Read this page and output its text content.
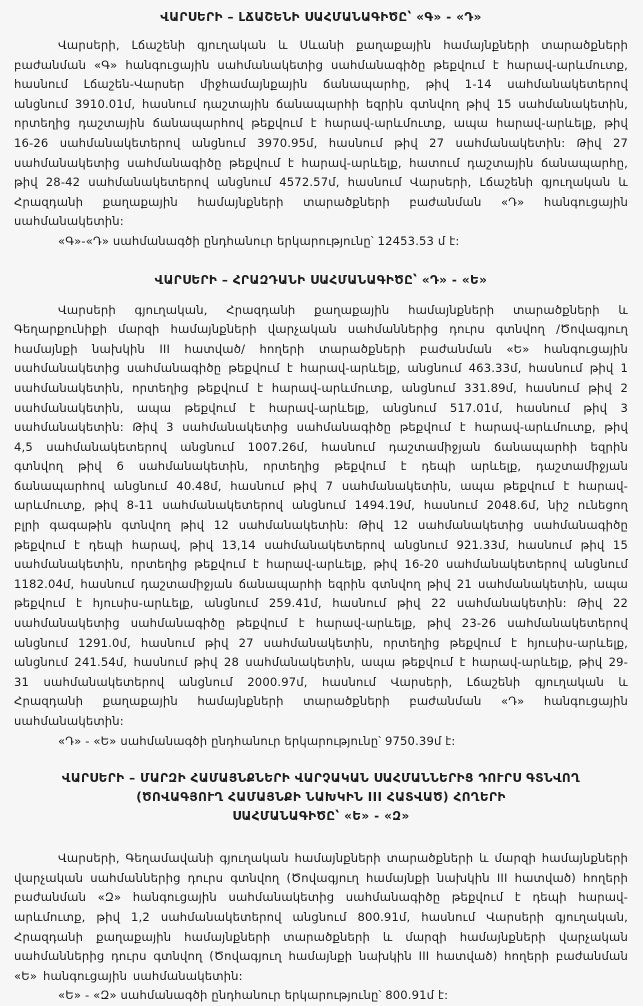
ՎԱՐՍԵՐԻ – ԼՃԱՇԵՆԻ ՍԱՀՄԱՆԱԳԻԾԸ՝ «Գ» - «Դ»

Վարսերի, Լճաշենի գյուղական և Սևանի քաղաքային համայնքների տարածքների բաժանման «Գ» հանգուցային սահմանակետից սահմանագիծը թեքվում է հարավ-արևմուտք, հասնում Լճաշեն-Վարսեր միջհամայնքային ճանապարհը, թիվ 1-14 սահմանակետերով անցնում 3910.01մ, հասնում դաշտային ճանապարհի եզրին գտնվող թիվ 15 սահմանակետին, որտեղից դաշտային ճանապարհով թեքվում է հարավ-արևմուտք, ապա հարավ-արևելք, թիվ 16-26 սահմանակետերով անցնում 3970.95մ, հասնում թիվ 27 սահմանակետին: Թիվ 27 սահմանակետից սահմանագիծը թեքվում է հարավ-արևելք, հատում դաշտային ճանապարհը, թիվ 28-42 սահմանակետերով անցնում 4572.57մ, հասնում Վարսերի, Լճաշենի գյուղական և Հրազդանի քաղաքային համայնքների տարածքների բաժանման «Դ» հանգուցային սահմանակետին:

«Գ»-«Դ» սահմանագծի ընդհանուր երկարությունը՝ 12453.53 մ է:

ՎԱՐՍԵՐԻ – ՀՐԱԶԴԱՆԻ ՍԱՀՄԱՆԱԳԻԾԸ՝ «Դ» - «Ե»

Վարսերի գյուղական, Հրազդանի քաղաքային համայնքների տարածքների և Գեղարքունիքի մարզի համայնքների վարչական սահմաններից դուրս գտնվող /Ծովագյուղ համայնքի նախկին III հատված/ հողերի տարածքների բաժանման «Ե» հանգուցային սահմանակետից սահմանագիծը թեքվում է հարավ-արևելք, անցնում 463.33մ, հասնում թիվ 1 սահմանակետին, որտեղից թեքվում է հարավ-արևմուտք, անցնում 331.89մ, հասնում թիվ 2 սահմանակետին, ապա թեքվում է հարավ-արևելք, անցնում 517.01մ, հասնում թիվ 3 սահմանակետին: Թիվ 3 սահմանակետից սահմանագիծը թեքվում է հարավ-արևմուտք, թիվ 4,5 սահմանակետերով անցնում 1007.26մ, հասնում դաշտամիջյան ճանապարհի եզրին գտնվող թիվ 6 սահմանակետին, որտեղից թեքվում է դեպի արևելք, դաշտամիջյան ճանապարհով անցնում 40.48մ, հասնում թիվ 7 սահմանակետին, ապա թեքվում է հարավ-արևմուտք, թիվ 8-11 սահմանակետերով անցնում 1494.19մ, հասնում 2048.6մ, նիշ ունեցող բլրի գագաթին գտնվող թիվ 12 սահմանակետին: Թիվ 12 սահմանակետից սահմանագիծը թեքվում է դեպի հարավ, թիվ 13,14 սահմանակետերով անցնում 921.33մ, հասնում թիվ 15 սահմանակետին, որտեղից թեքվում է հարավ-արևելք, թիվ 16-20 սահմանակետերով անցնում 1182.04մ, հասնում դաշտամիջյան ճանապարհի եզրին գտնվող թիվ 21 սահմանակետին, ապա թեքվում է հյուսիս-արևելք, անցնում 259.41մ, հասնում թիվ 22 սահմանակետին: Թիվ 22 սահմանակետից սահմանագիծը թեքվում է հարավ-արևելք, թիվ 23-26 սահմանակետերով անցնում 1291.0մ, հասնում թիվ 27 սահմանակետին, որտեղից թեքվում է հյուսիս-արևելք, անցնում 241.54մ, հասնում թիվ 28 սահմանակետին, ապա թեքվում է հարավ-արևելք, թիվ 29-31 սահմանակետերով անցնում 2000.97մ, հասնում Վարսերի, Լճաշենի գյուղական և Հրազդանի քաղաքային համայնքների տարածքների բաժանման «Դ» հանգուցային սահմանակետին:

«Դ» - «Ե» սահմանագծի ընդհանուր երկարությունը՝ 9750.39մ է:

ՎԱՐՍԵՐԻ – ՄԱՐԶԻ ՀԱՄԱՅՆՔՆԵՐԻ ՎԱՐՉԱԿԱՆ ՍԱՀՄԱՆՆԵՐԻՑ ԴՈՒՐՍ ԳՏՆՎՈՂ
(ԾՈՎԱԳՅՈՒՂ ՀԱՄԱՅՆՔԻ ՆԱԽԿԻՆ III ՀԱՏՎԱԾ) ՀՈՂԵՐԻ
ՍԱՀՄԱՆԱԳԻԾԸ՝ «Ե» - «Զ»

Վարսերի, Գեղամավանի գյուղական համայնքների տարածքների և մարզի համայնքների վարչական սահմաններից դուրս գտնվող (Ծովագյուղ համայնքի նախկին III հատված) հողերի բաժանման «Զ» հանգուցային սահմանակետից սահմանագիծը թեքվում է դեպի հարավ-արևմուտք, թիվ 1,2 սահմանակետերով անցնում 800.91մ, հասնում Վարսերի գյուղական, Հրազդանի քաղաքային համայնքների տարածքների և մարզի համայնքների վարչական սահմաններից դուրս գտնվող (Ծովագյուղ համայնքի նախկին III հատված) հողերի բաժանման «Ե» հանգուցային սահմանակետին:

«Ե» - «Զ» սահմանագծի ընդհանուր երկարությունը՝ 800.91մ է:
